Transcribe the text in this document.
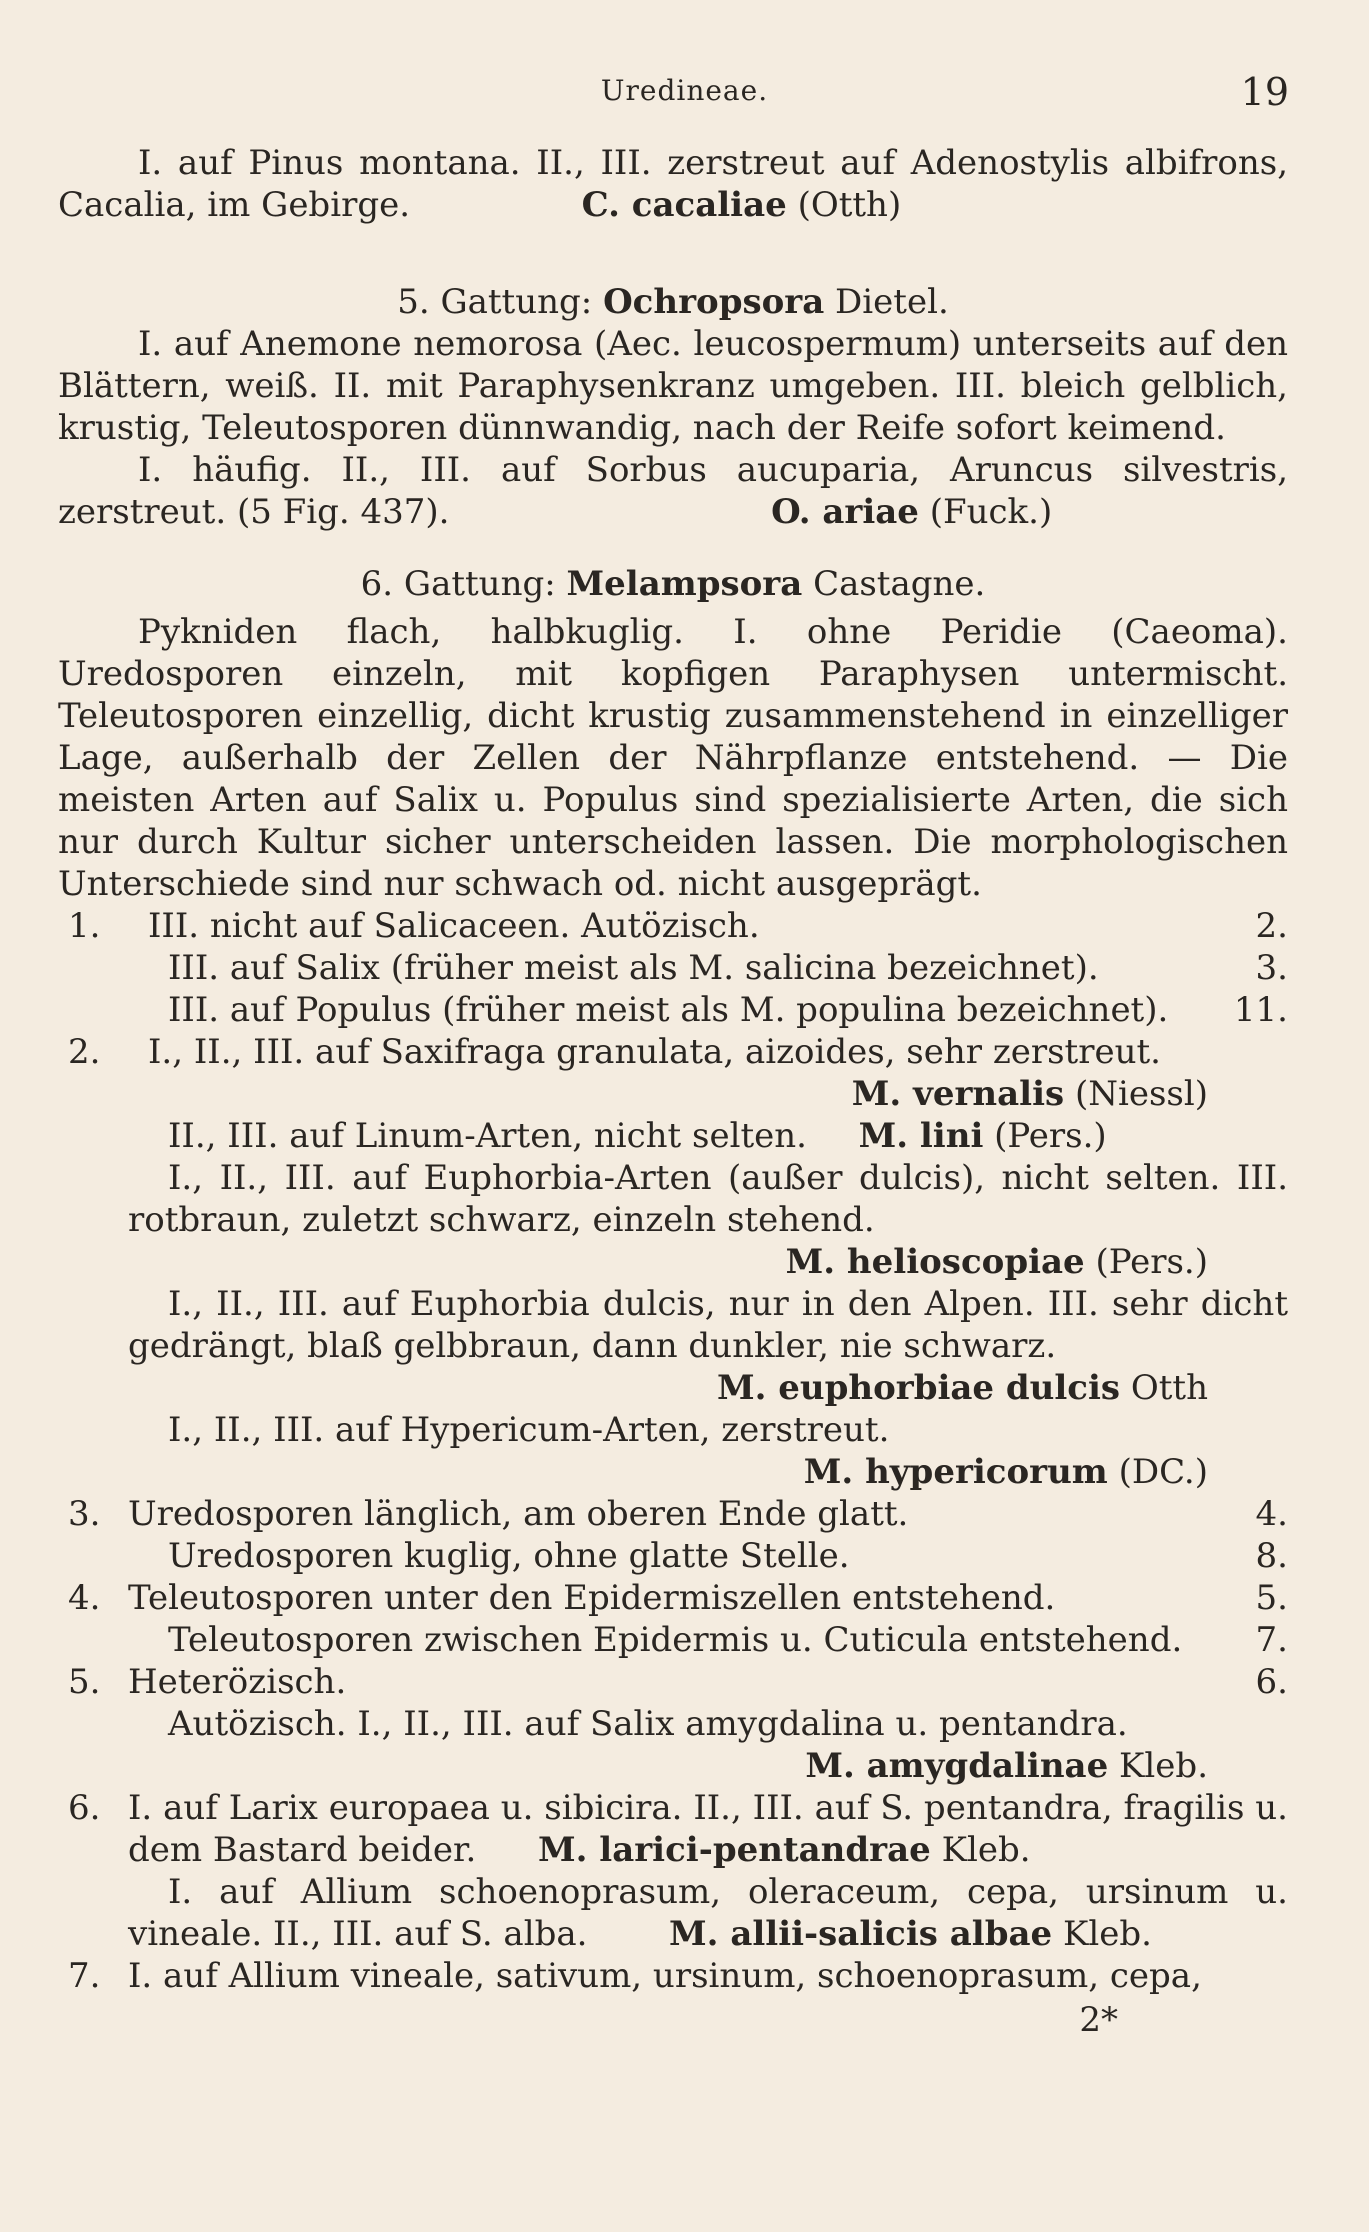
Uredineae.	19

I. auf Pinus montana. II., III. zerstreut auf Adenostylis albifrons, Cacalia, im Gebirge.	C. cacaliae (Otth)

5. Gattung: Ochropsora Dietel.

I. auf Anemone nemorosa (Aec. leucospermum) unterseits auf den Blättern, weiß. II. mit Paraphysenkranz umgeben. III. bleich gelblich, krustig, Teleutosporen dünnwandig, nach der Reife sofort keimend.

I. häufig. II., III. auf Sorbus aucuparia, Aruncus silvestris, zerstreut. (5 Fig. 437).	O. ariae (Fuck.)

6. Gattung: Melampsora Castagne.

Pykniden flach, halbkuglig. I. ohne Peridie (Caeoma). Uredosporen einzeln, mit kopfigen Paraphysen untermischt. Teleutosporen einzellig, dicht krustig zusammenstehend in einzelliger Lage, außerhalb der Zellen der Nährpflanze entstehend. — Die meisten Arten auf Salix u. Populus sind spezialisierte Arten, die sich nur durch Kultur sicher unterscheiden lassen. Die morphologischen Unterschiede sind nur schwach od. nicht ausgeprägt.

1. III. nicht auf Salicaceen. Autözisch.	2.
III. auf Salix (früher meist als M. salicina bezeichnet).	3.
III. auf Populus (früher meist als M. populina bezeichnet).	11.
2. I., II., III. auf Saxifraga granulata, aizoides, sehr zerstreut.
M. vernalis (Niessl)
II., III. auf Linum-Arten, nicht selten. M. lini (Pers.)
I., II., III. auf Euphorbia-Arten (außer dulcis), nicht selten. III. rotbraun, zuletzt schwarz, einzeln stehend.
M. helioscopiae (Pers.)
I., II., III. auf Euphorbia dulcis, nur in den Alpen. III. sehr dicht gedrängt, blaß gelbbraun, dann dunkler, nie schwarz.
M. euphorbiae dulcis Otth
I., II., III. auf Hypericum-Arten, zerstreut.
M. hypericorum (DC.)
3. Uredosporen länglich, am oberen Ende glatt.	4.
Uredosporen kuglig, ohne glatte Stelle.	8.
4. Teleutosporen unter den Epidermiszellen entstehend.	5.
Teleutosporen zwischen Epidermis u. Cuticula entstehend.	7.
5. Heterözisch.	6.
Autözisch. I., II., III. auf Salix amygdalina u. pentandra.
M. amygdalinae Kleb.
6. I. auf Larix europaea u. sibicira. II., III. auf S. pentandra, fragilis u. dem Bastard beider. M. larici-pentandrae Kleb.
I. auf Allium schoenoprasum, oleraceum, cepa, ursinum u. vineale. II., III. auf S. alba. M. allii-salicis albae Kleb.
7. I. auf Allium vineale, sativum, ursinum, schoenoprasum, cepa,
2*
